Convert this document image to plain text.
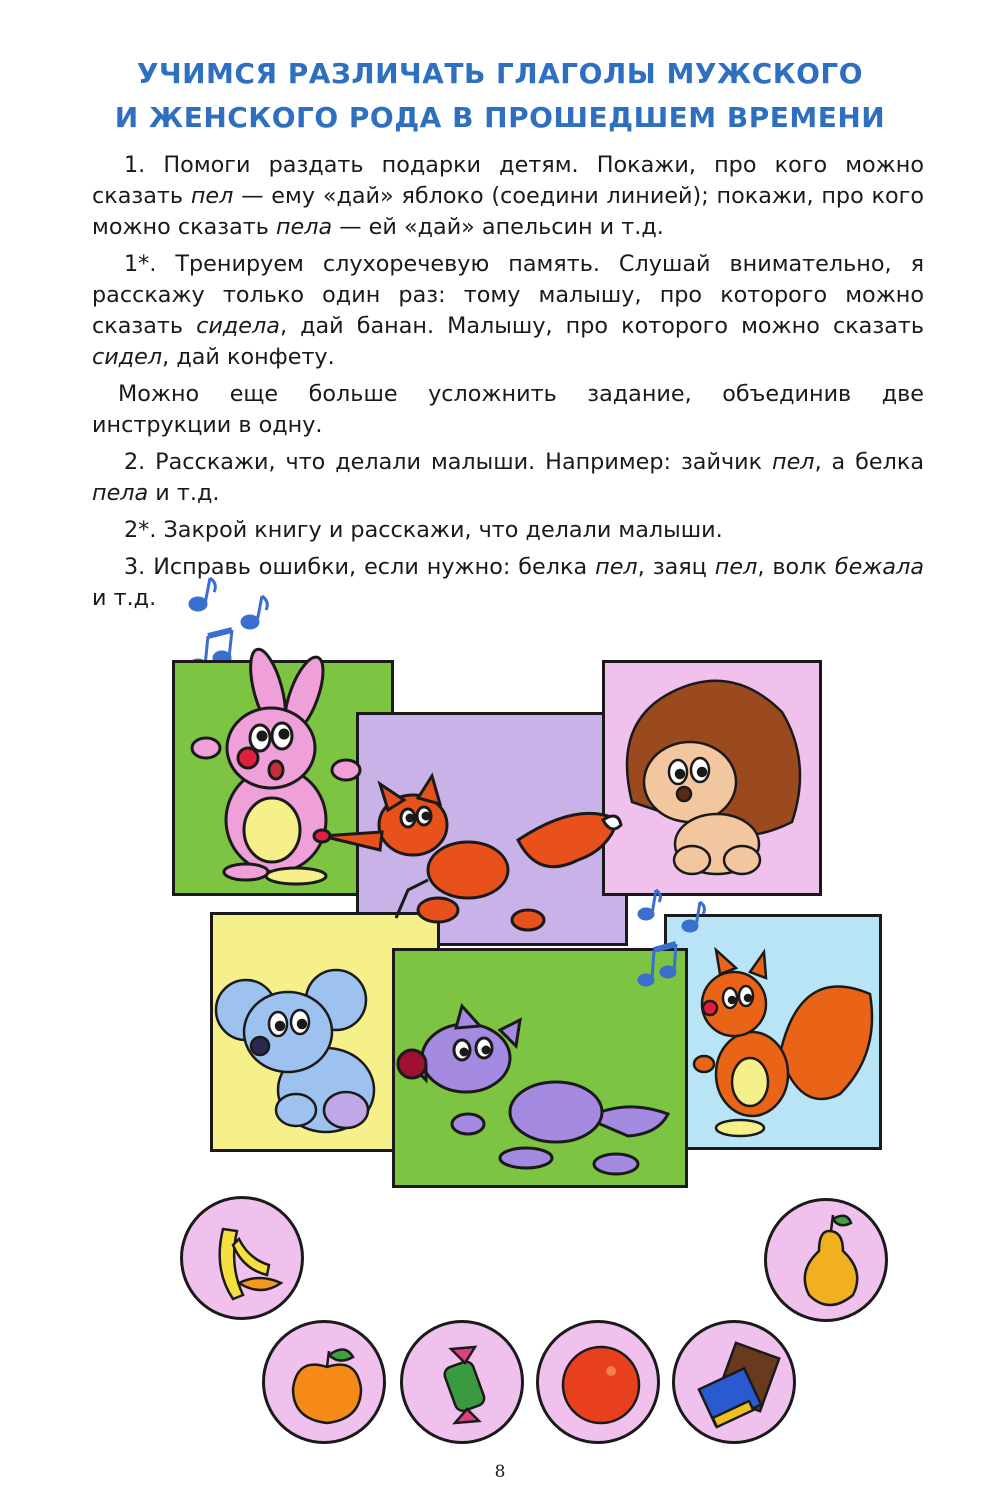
УЧИМСЯ РАЗЛИЧАТЬ ГЛАГОЛЫ МУЖСКОГО
И ЖЕНСКОГО РОДА В ПРОШЕДШЕМ ВРЕМЕНИ

1. Помоги раздать подарки детям. Покажи, про кого можно сказать пел — ему «дай» яблоко (соедини линией); покажи, про кого можно сказать пела — ей «дай» апельсин и т.д.

1*. Тренируем слухоречевую память. Слушай внимательно, я расскажу только один раз: тому малышу, про которого можно сказать сидела, дай банан. Малышу, про которого можно сказать сидел, дай конфету.

Можно еще больше усложнить задание, объединив две инструкции в одну.

2. Расскажи, что делали малыши. Например: зайчик пел, а белка пела и т.д.

2*. Закрой книгу и расскажи, что делали малыши.

3. Исправь ошибки, если нужно: белка пел, заяц пел, волк бежала и т.д.

8
